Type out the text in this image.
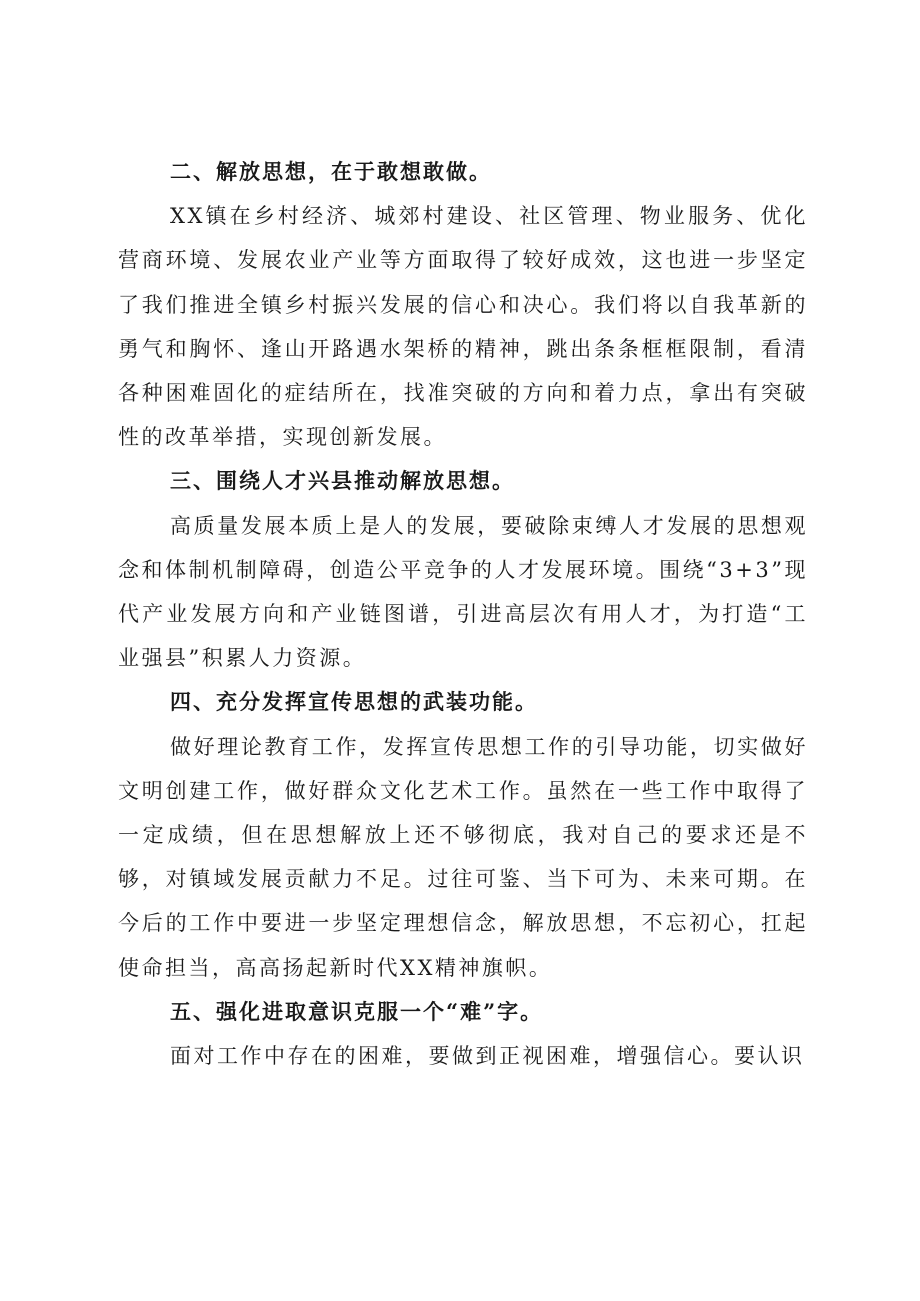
二、解放思想，在于敢想敢做。

XX镇在乡村经济、城郊村建设、社区管理、物业服务、优化营商环境、发展农业产业等方面取得了较好成效，这也进一步坚定了我们推进全镇乡村振兴发展的信心和决心。我们将以自我革新的勇气和胸怀、逢山开路遇水架桥的精神，跳出条条框框限制，看清各种困难固化的症结所在，找准突破的方向和着力点，拿出有突破性的改革举措，实现创新发展。

三、围绕人才兴县推动解放思想。

高质量发展本质上是人的发展，要破除束缚人才发展的思想观念和体制机制障碍，创造公平竞争的人才发展环境。围绕“3+3”现代产业发展方向和产业链图谱，引进高层次有用人才，为打造“工业强县”积累人力资源。

四、充分发挥宣传思想的武装功能。

做好理论教育工作，发挥宣传思想工作的引导功能，切实做好文明创建工作，做好群众文化艺术工作。虽然在一些工作中取得了一定成绩，但在思想解放上还不够彻底，我对自己的要求还是不够，对镇域发展贡献力不足。过往可鉴、当下可为、未来可期。在今后的工作中要进一步坚定理想信念，解放思想，不忘初心，扛起使命担当，高高扬起新时代XX精神旗帜。

五、强化进取意识克服一个“难”字。

面对工作中存在的困难，要做到正视困难，增强信心。要认识
